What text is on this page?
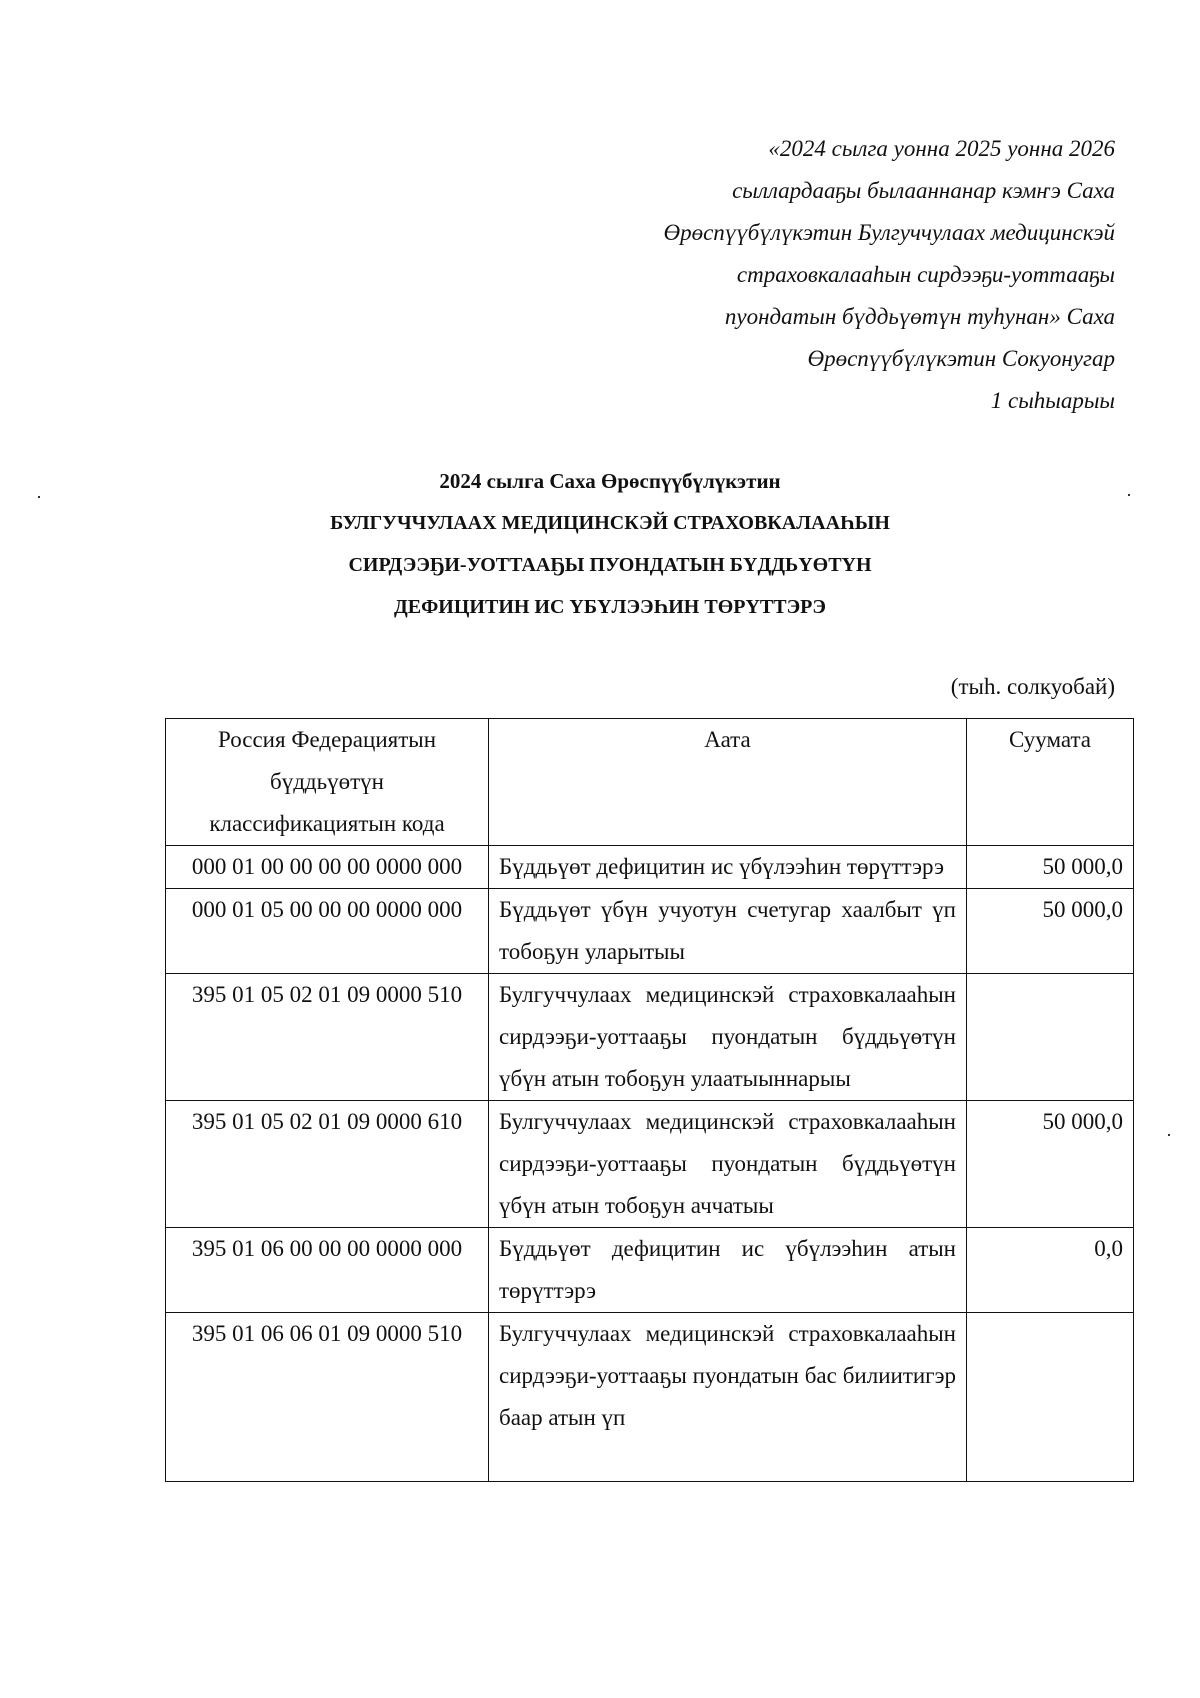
«2024 сылга уонна 2025 уонна 2026
сыллардааҕы былааннанар кэмҥэ Саха
Өрөспүүбүлүкэтин Булгуччулаах медицинскэй
страховкалааһын сирдээҕи-уоттааҕы
пуондатын бүддьүөтүн туһунан» Саха
Өрөспүүбүлүкэтин Сокуонугар
1 сыһыарыы
2024 сылга Саха Өрөспүүбүлүкэтин
БУЛГУЧЧУЛААХ МЕДИЦИНСКЭЙ СТРАХОВКАЛААҺЫН
СИРДЭЭҔИ-УОТТААҔЫ ПУОНДАТЫН БҮДДЬҮӨТҮН
ДЕФИЦИТИН ИС ҮБҮЛЭЭҺИН ТӨРҮТТЭРЭ
(тыһ. солкуобай)
Россия Федерациятын бүддьүөтүн классификациятын кода	Аата	Суумата
000 01 00 00 00 00 0000 000	Бүддьүөт дефицитин ис үбүлээһин төрүттэрэ	50 000,0
000 01 05 00 00 00 0000 000	Бүддьүөт үбүн учуотун счетугар хаалбыт үп тобоҕун уларытыы	50 000,0
395 01 05 02 01 09 0000 510	Булгуччулаах медицинскэй страховкалааһын сирдээҕи-уоттааҕы пуондатын бүддьүөтүн үбүн атын тобоҕун улаатыыннарыы	
395 01 05 02 01 09 0000 610	Булгуччулаах медицинскэй страховкалааһын сирдээҕи-уоттааҕы пуондатын бүддьүөтүн үбүн атын тобоҕун аччатыы	50 000,0
395 01 06 00 00 00 0000 000	Бүддьүөт дефицитин ис үбүлээһин атын төрүттэрэ	0,0
395 01 06 06 01 09 0000 510	Булгуччулаах медицинскэй страховкалааһын сирдээҕи-уоттааҕы пуондатын бас билиитигэр баар атын үп	
